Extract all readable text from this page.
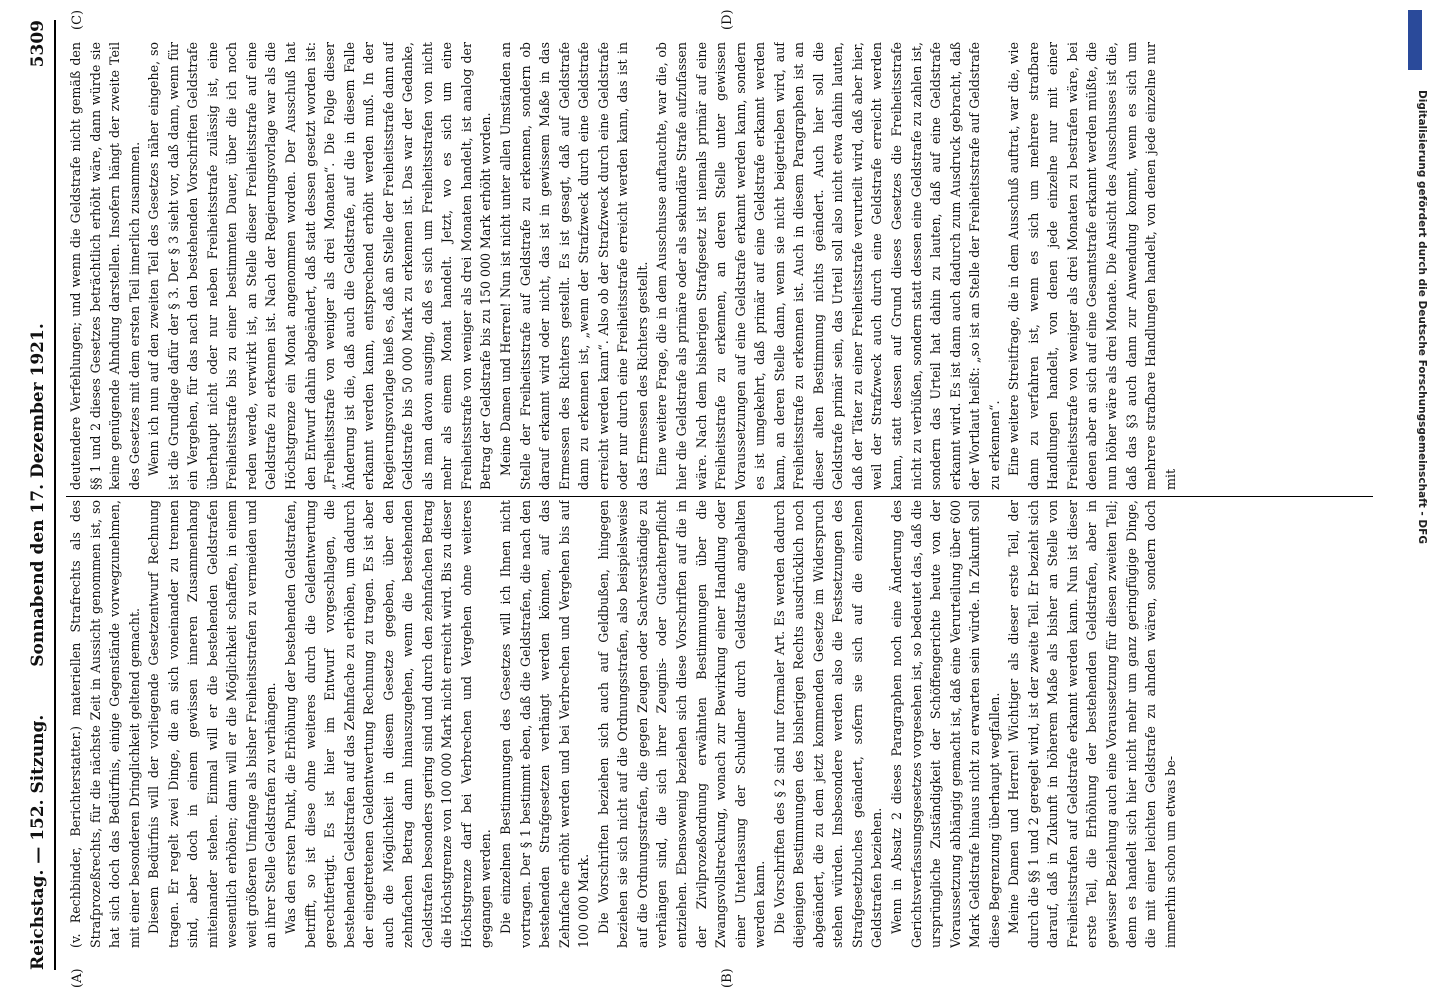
Reichstag. — 152. Sitzung.
Sonnabend den 17. Dezember 1921.
5309
(A)	(B)
(C)	(D)

(v. Rechbinder, Berichterstatter.) materiellen Strafrechts als des Strafprozeßrechts, für die nächste Zeit in Aussicht genommen ist, so hat sich doch das Bedürfnis, einige Gegenstände vorwegzunehmen, mit einer besonderen Dringlichkeit geltend gemacht. Diesem Bedürfnis will der vorliegende Gesetzentwurf Rechnung tragen. Er regelt zwei Dinge, die an sich voneinander zu trennen sind, aber doch in einem gewissen inneren Zusammenhang miteinander stehen. Einmal will er die bestehenden Geldstrafen wesentlich erhöhen; dann will er die Möglichkeit schaffen, in einem weit größeren Umfange als bisher Freiheitsstrafen zu vermeiden und an ihrer Stelle Geldstrafen zu verhängen. Was den ersten Punkt, die Erhöhung der bestehenden Geldstrafen, betrifft, so ist diese ohne weiteres durch die Geldentwertung gerechtfertigt. Es ist hier im Entwurf vorgeschlagen, die bestehenden Geldstrafen auf das Zehnfache zu erhöhen, um dadurch der eingetretenen Geldentwertung Rechnung zu tragen. Es ist aber auch die Möglichkeit in diesem Gesetze gegeben, über den zehnfachen Betrag dann hinauszugehen, wenn die bestehenden Geldstrafen besonders gering sind und durch den zehnfachen Betrag die Höchstgrenze von 100 000 Mark nicht erreicht wird. Bis zu dieser Höchstgrenze darf bei Verbrechen und Vergehen ohne weiteres gegangen werden. Die einzelnen Bestimmungen des Gesetzes will ich Ihnen nicht vortragen. Der § 1 bestimmt eben, daß die Geldstrafen, die nach den bestehenden Strafgesetzen verhängt werden können, auf das Zehnfache erhöht werden und bei Verbrechen und Vergehen bis auf 100 000 Mark. Die Vorschriften beziehen sich auch auf Geldbußen, hingegen beziehen sie sich nicht auf die Ordnungsstrafen, also beispielsweise auf die Ordnungsstrafen, die gegen Zeugen oder Sachverständige zu verhängen sind, die sich ihrer Zeugnis- oder Gutachterpflicht entziehen. Ebensowenig beziehen sich diese Vorschriften auf die in der Zivilprozeßordnung erwähnten Bestimmungen über die Zwangsvollstreckung, wonach zur Bewirkung einer Handlung oder einer Unterlassung der Schuldner durch Geldstrafe angehalten werden kann. Die Vorschriften des § 2 sind nur formaler Art. Es werden dadurch diejenigen Bestimmungen des bisherigen Rechts ausdrücklich noch abgeändert, die zu dem jetzt kommenden Gesetze im Widerspruch stehen würden. Insbesondere werden also die Festsetzungen des Strafgesetzbuches geändert, sofern sie sich auf die einzelnen Geldstrafen beziehen. Wenn in Absatz 2 dieses Paragraphen noch eine Änderung des Gerichtsverfassungsgesetzes vorgesehen ist, so bedeutet das, daß die ursprüngliche Zuständigkeit der Schöffengerichte heute von der Voraussetzung abhängig gemacht ist, daß eine Verurteilung über 600 Mark Geldstrafe hinaus nicht zu erwarten sein würde. In Zukunft soll diese Begrenzung überhaupt wegfallen. Meine Damen und Herren! Wichtiger als dieser erste Teil, der durch die §§ 1 und 2 geregelt wird, ist der zweite Teil. Er bezieht sich darauf, daß in Zukunft in höherem Maße als bisher an Stelle von Freiheitsstrafen auf Geldstrafe erkannt werden kann. Nun ist dieser erste Teil, die Erhöhung der bestehenden Geldstrafen, aber in gewisser Beziehung auch eine Voraussetzung für diesen zweiten Teil; denn es handelt sich hier nicht mehr um ganz geringfügige Dinge, die mit einer leichten Geldstrafe zu ahnden wären, sondern doch immerhin schon um etwas be-

deutendere Verfehlungen; und wenn die Geldstrafe nicht gemäß den §§ 1 und 2 dieses Gesetzes beträchtlich erhöht wäre, dann würde sie keine genügende Ahndung darstellen. Insofern hängt der zweite Teil des Gesetzes mit dem ersten Teil innerlich zusammen. Wenn ich nun auf den zweiten Teil des Gesetzes näher eingehe, so ist die Grundlage dafür der § 3. Der § 3 sieht vor, daß dann, wenn für ein Vergehen, für das nach den bestehenden Vorschriften Geldstrafe überhaupt nicht oder nur neben Freiheitsstrafe zulässig ist, eine Freiheitsstrafe bis zu einer bestimmten Dauer, über die ich noch reden werde, verwirkt ist, an Stelle dieser Freiheitsstrafe auf eine Geldstrafe zu erkennen ist. Nach der Regierungsvorlage war als die Höchstgrenze ein Monat angenommen worden. Der Ausschuß hat den Entwurf dahin abgeändert, daß statt dessen gesetzt worden ist: „Freiheitsstrafe von weniger als drei Monaten“. Die Folge dieser Änderung ist die, daß auch die Geldstrafe, auf die in diesem Falle erkannt werden kann, entsprechend erhöht werden muß. In der Regierungsvorlage hieß es, daß an Stelle der Freiheitsstrafe dann auf Geldstrafe bis 50 000 Mark zu erkennen ist. Das war der Gedanke, als man davon ausging, daß es sich um Freiheitsstrafen von nicht mehr als einem Monat handelt. Jetzt, wo es sich um eine Freiheitsstrafe von weniger als drei Monaten handelt, ist analog der Betrag der Geldstrafe bis zu 150 000 Mark erhöht worden. Meine Damen und Herren! Nun ist nicht unter allen Umständen an Stelle der Freiheitsstrafe auf Geldstrafe zu erkennen, sondern ob darauf erkannt wird oder nicht, das ist in gewissem Maße in das Ermessen des Richters gestellt. Es ist gesagt, daß auf Geldstrafe dann zu erkennen ist, „wenn der Strafzweck durch eine Geldstrafe erreicht werden kann“. Also ob der Strafzweck durch eine Geldstrafe oder nur durch eine Freiheitsstrafe erreicht werden kann, das ist in das Ermessen des Richters gestellt. Eine weitere Frage, die in dem Ausschusse auftauchte, war die, ob hier die Geldstrafe als primäre oder als sekundäre Strafe aufzufassen wäre. Nach dem bisherigen Strafgesetz ist niemals primär auf eine Freiheitsstrafe zu erkennen, an deren Stelle unter gewissen Voraussetzungen auf eine Geldstrafe erkannt werden kann, sondern es ist umgekehrt, daß primär auf eine Geldstrafe erkannt werden kann, an deren Stelle dann, wenn sie nicht beigetrieben wird, auf Freiheitsstrafe zu erkennen ist. Auch in diesem Paragraphen ist an dieser alten Bestimmung nichts geändert. Auch hier soll die Geldstrafe primär sein, das Urteil soll also nicht etwa dahin lauten, daß der Täter zu einer Freiheitsstrafe verurteilt wird, daß aber hier, weil der Strafzweck auch durch eine Geldstrafe erreicht werden kann, statt dessen auf Grund dieses Gesetzes die Freiheitsstrafe nicht zu verbüßen, sondern statt dessen eine Geldstrafe zu zahlen ist, sondern das Urteil hat dahin zu lauten, daß auf eine Geldstrafe erkannt wird. Es ist dann auch dadurch zum Ausdruck gebracht, daß der Wortlaut heißt: „so ist an Stelle der Freiheitsstrafe auf Geldstrafe zu erkennen“. Eine weitere Streitfrage, die in dem Ausschuß auftrat, war die, wie dann zu verfahren ist, wenn es sich um mehrere strafbare Handlungen handelt, von denen jede einzelne nur mit einer Freiheitsstrafe von weniger als drei Monaten zu bestrafen wäre, bei denen aber an sich auf eine Gesamtstrafe erkannt werden müßte, die nun höher wäre als drei Monate. Die Ansicht des Ausschusses ist die, daß das §3 auch dann zur Anwendung kommt, wenn es sich um mehrere strafbare Handlungen handelt, von denen jede einzelne nur mit

DFG
Digitalisierung gefördert durch die Deutsche Forschungsgemeinschaft - DFG
